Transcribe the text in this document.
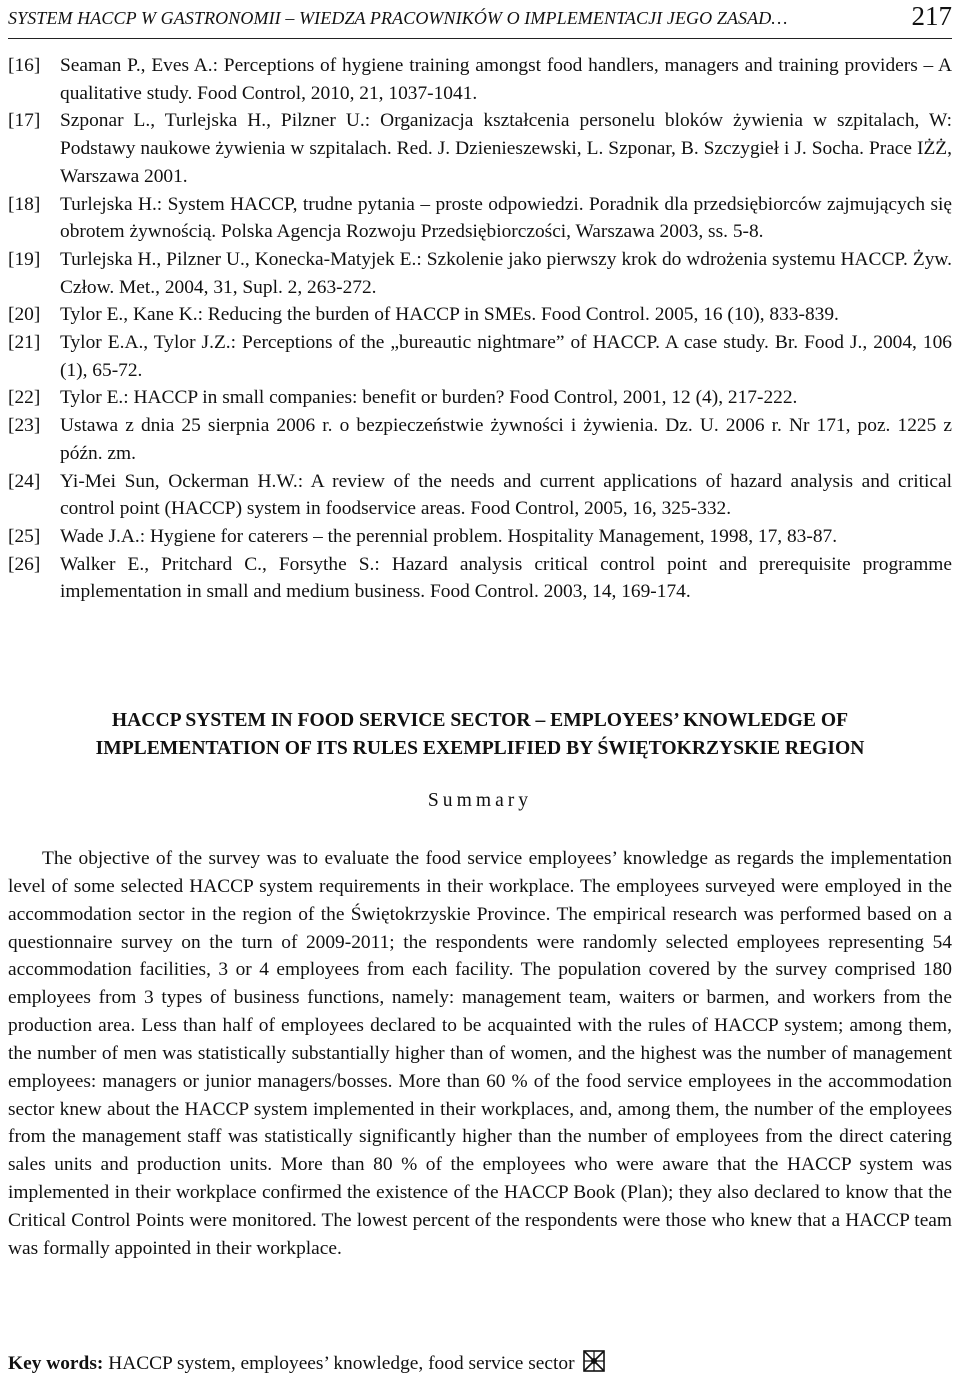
SYSTEM HACCP W GASTRONOMII – WIEDZA PRACOWNIKÓW O IMPLEMENTACJI JEGO ZASAD…	217
[16]	Seaman P., Eves A.: Perceptions of hygiene training amongst food handlers, managers and training providers – A qualitative study. Food Control, 2010, 21, 1037-1041.
[17]	Szponar L., Turlejska H., Pilzner U.: Organizacja kształcenia personelu bloków żywienia w szpitalach, W: Podstawy naukowe żywienia w szpitalach. Red. J. Dzienieszewski, L. Szponar, B. Szczygieł i J. Socha. Prace IŻŻ, Warszawa 2001.
[18]	Turlejska H.: System HACCP, trudne pytania – proste odpowiedzi. Poradnik dla przedsiębiorców zajmujących się obrotem żywnością. Polska Agencja Rozwoju Przedsiębiorczości, Warszawa 2003, ss. 5-8.
[19]	Turlejska H., Pilzner U., Konecka-Matyjek E.: Szkolenie jako pierwszy krok do wdrożenia systemu HACCP. Żyw. Człow. Met., 2004, 31, Supl. 2, 263-272.
[20]	Tylor E., Kane K.: Reducing the burden of HACCP in SMEs. Food Control. 2005, 16 (10), 833-839.
[21]	Tylor E.A., Tylor J.Z.: Perceptions of the „bureautic nightmare” of HACCP. A case study. Br. Food J., 2004, 106 (1), 65-72.
[22]	Tylor E.: HACCP in small companies: benefit or burden? Food Control, 2001, 12 (4), 217-222.
[23]	Ustawa z dnia 25 sierpnia 2006 r. o bezpieczeństwie żywności i żywienia. Dz. U. 2006 r. Nr 171, poz. 1225 z późn. zm.
[24]	Yi-Mei Sun, Ockerman H.W.: A review of the needs and current applications of hazard analysis and critical control point (HACCP) system in foodservice areas. Food Control, 2005, 16, 325-332.
[25]	Wade J.A.: Hygiene for caterers – the perennial problem. Hospitality Management, 1998, 17, 83-87.
[26]	Walker E., Pritchard C., Forsythe S.: Hazard analysis critical control point and prerequisite programme implementation in small and medium business. Food Control. 2003, 14, 169-174.
HACCP SYSTEM IN FOOD SERVICE SECTOR – EMPLOYEES’ KNOWLEDGE OF
IMPLEMENTATION OF ITS RULES EXEMPLIFIED BY ŚWIĘTOKRZYSKIE REGION
Summary

The objective of the survey was to evaluate the food service employees’ knowledge as regards the implementation level of some selected HACCP system requirements in their workplace. The employees surveyed were employed in the accommodation sector in the region of the Świętokrzyskie Province. The empirical research was performed based on a questionnaire survey on the turn of 2009-2011; the respondents were randomly selected employees representing 54 accommodation facilities, 3 or 4 employees from each facility. The population covered by the survey comprised 180 employees from 3 types of business functions, namely: management team, waiters or barmen, and workers from the production area. Less than half of employees declared to be acquainted with the rules of HACCP system; among them, the number of men was statistically substantially higher than of women, and the highest was the number of management employees: managers or junior managers/bosses. More than 60 % of the food service employees in the accommodation sector knew about the HACCP system implemented in their workplaces, and, among them, the number of the employees from the management staff was statistically significantly higher than the number of employees from the direct catering sales units and production units. More than 80 % of the employees who were aware that the HACCP system was implemented in their workplace confirmed the existence of the HACCP Book (Plan); they also declared to know that the Critical Control Points were monitored. The lowest percent of the respondents were those who knew that a HACCP team was formally appointed in their workplace.

Key words: HACCP system, employees’ knowledge, food service sector
